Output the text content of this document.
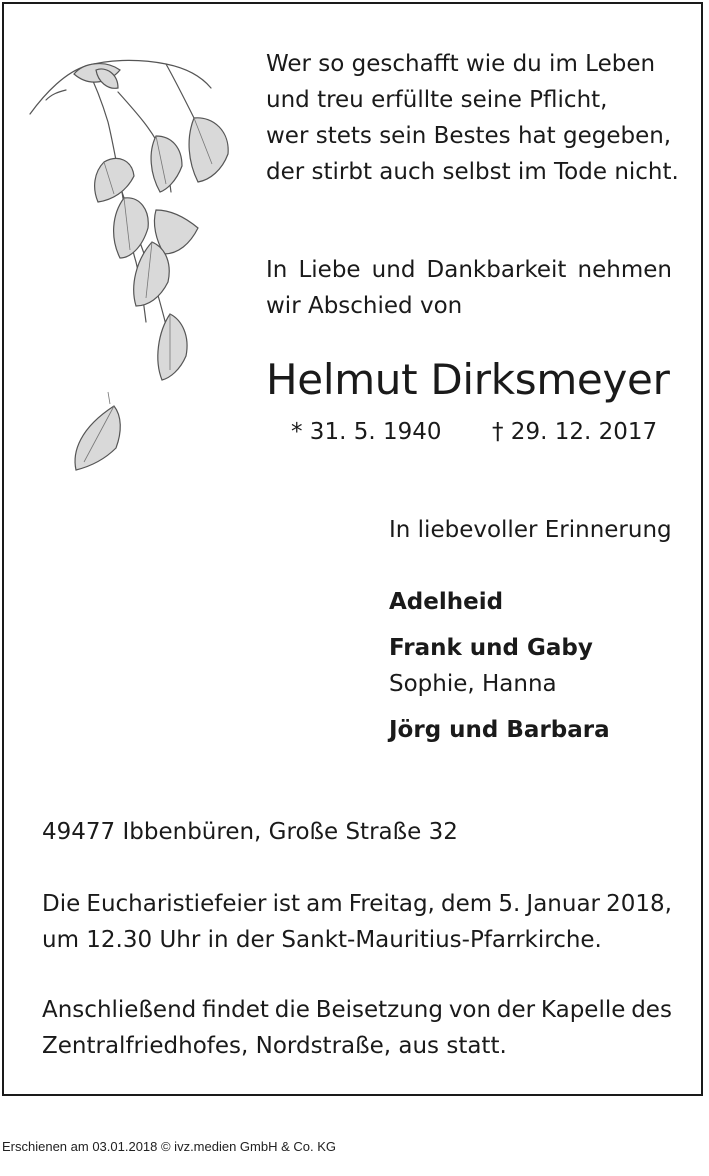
Wer so geschafft wie du im Leben
und treu erfüllte seine Pflicht,
wer stets sein Bestes hat gegeben,
der stirbt auch selbst im Tode nicht.
In Liebe und Dankbarkeit nehmen
wir Abschied von
Helmut Dirksmeyer
* 31. 5. 1940 † 29. 12. 2017
In liebevoller Erinnerung
Adelheid
Frank und Gaby
Sophie, Hanna
Jörg und Barbara
49477 Ibbenbüren, Große Straße 32
Die Eucharistiefeier ist am Freitag, dem 5. Januar 2018,
um 12.30 Uhr in der Sankt-Mauritius-Pfarrkirche.
Anschließend findet die Beisetzung von der Kapelle des
Zentralfriedhofes, Nordstraße, aus statt.
Erschienen am 03.01.2018 © ivz.medien GmbH & Co. KG
